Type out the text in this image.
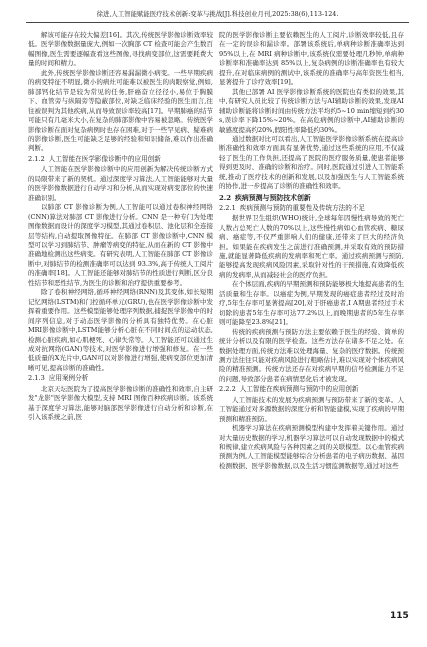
徐进,人工智能赋能医疗技术创新:变革与挑战[J].科技创业月刊,2025:38(6),113-124.

解该可能存在较大偏差[16]。其次,传统医学影像诊断效率较低。医学影像数据量庞大,例如一次胸部 CT 检查可能会产生数百幅图像,医生需要逐幅查看这些图像,寻找病变部位,这需要耗费大量的时间和精力。

此外,传统医学影像诊断还容易漏漏微小病变。一些早期疾病的病变特征不明显,微小的病灶可能难以被医生的肉眼察觉,例如,肺部钙化结节是较为常见的任务,肝癌奋立径径小,易位于胸膜下、血管旁与纵隔旁等隐蔽部位,对缺乏临床经验的医生而言,往往被误判为其他疾病,从而导致误诊率较高[17]。早期肺癌的结节可能只有几毫米大小,在复杂的肺部影像中容易被忽略。传统医学影像诊断在面对复杂病例时也存在困难,对于一些罕见病、疑难病的影像诊断,医生可能缺乏足够的经验和知识储备,难以作出准确判断。

2.1.2 人工智能在医学影像诊断中的应用创新

人工智能在医学影像诊断中的应用创新为解决传统诊断方式的局限带来了新的契机。通过深度学习算法,人工智能能够对大量的医学影像数据进行自动学习和分析,从而实现对病变部位的快速准确识别。

以肺部 CT 影像诊断为例,人工智能可以通过卷积神经网络(CNN)算法对肺部 CT 影像进行分析。CNN 是一种专门为处理图像数据而设计的深度学习模型,其通过卷积层、池化层和全连接层等结构,自动提取图像特征。在肺部 CT 影像诊断中,CNN 模型可以学习到肺结节、肿瘤等病变的特征,从而在新的 CT 影像中准确地检测出这些病变。有研究表明,人工智能在肺部 CT 影像诊断中,对肺结节的检测准确率可以达到 93.3%,高于传统人工阅片的准确率[18]。人工智能还能够对肺结节的性质进行判断,区分良性结节和恶性结节,为医生的诊断和治疗提供重要参考。

除了卷积神经网络,循环神经网络(RNN)及其变体,如长短期记忆网络(LSTM)和门控循环单元(GRU),也在医学影像诊断中发挥着重要作用。这些模型能够处理序列数据,捕捉医学影像中的时间序列信息,对于动态医学影像的分析具有独特优势。在心脏MRI影像诊断中,LSTM能够分析心脏在不同时间点的运动状态,检测心脏疾病,如心肌梗死、心律失常等。人工智能还可以通过生成对抗网络(GAN)等技术,对医学影像进行增强和修复。在一些低质量的X光片中,GAN可以对影像进行增强,使病变部位更加清晰可见,提高诊断的准确性。

2.1.3 应用案例分析

北京天坛医院为了提高医学影像诊断的准确性和效率,自主研发"龙影"医学影像大模型,支持 MRI 图像百种疾病诊断。该系统基于深度学习算法,能够对脑部医学影像进行自动分析和诊断,在引入该系统之前,医

院的医学影像诊断主要依赖医生的人工阅片,诊断效率较低,且存在一定的误诊和漏诊率。部署该系统后,单病种诊断准确率达到95%以上,在 MRI 病种诊断中,该系统仅需要处理几秒钟,单病种诊断率和准确率达到 85%以上,复杂病例的诊断准确率也有较大提升,在对临床病例的测试中,该系统的准确率与高年资医生相当,显著提升了诊疗效率[19]。

其他已部署 AI 医学影像诊断系统的医院也有类似的效果,其中,有研究人员比较了传统诊断方法与AI辅助诊断的效果,发现AI辅助诊断能将诊断时间由传统方法平均约5~10 min缩短到约30 s,误诊率下降15%~20%。在高危病例的诊断中,AI辅助诊断的敏感度提高约20%,假阳性率降低约30%。

通过数据对比可以看出,人工智能医学影像诊断系统在提高诊断准确性和效率方面具有显著优势,通过这些系统的应用,不仅减轻了医生的工作负担,还提高了医院的医疗服务质量,使患者能够得到更及时、准确的诊断和治疗。同时,医院通过引进人工智能系统,推动了医疗技术的创新和发展,以及加强医生与人工智能系统的协作,进一步提高了诊断的准确性和效率。

2.2 疾病预测与预防技术创新
2.2.1 疾病预测与预防的重要性及传统方法的不足

据世界卫生组织(WHO)统计,全球每年因慢性病导致的死亡人数占总死亡人数的70%以上,这些慢性病如心血管疾病、糖尿病、癌症等,不仅严重影响人们的健康,还带来了巨大的经济负担。如果能在疾病发生之前进行准确预测,并采取有效的预防措施,就能显著降低疾病的发病率和死亡率。通过疾病预测与预防,能够提高发现疾病风险因素,采取针对性的干预措施,有效降低疾病的发病率,从而减轻社会的医疗负担。

在个体层面,疾病的早期预测和预防能够极大地提高患者的生活质量和生存率。以癌症为例,早期发现的癌症患者经过及时治疗,5年生存率可显著提高[20],对于肝癌患者,Ⅰ A期患者经过手术切除的患者5年生存率可达77.2%以上,而晚期患者的5年生存率则可能降至23.8%[21]。

传统的疾病预测与预防方法主要依赖于医生的经验、简单的统计分析以及有限的医学检查。这些方法存在诸多不足之处。在数据处理方面,传统方法难以处理海量、复杂的医疗数据。传统预测方法往往只能对疾病风险进行粗略估计,难以实现对个体疾病风险的精准预测。传统方法还存在对疾病早期的信号检测能力不足的问题,导致部分患者在病情恶化后才被发现。

2.2.2 人工智能在疾病预测与预防中的应用创新

人工智能技术的发展为疾病预测与预防带来了新的变革。人工智能通过对多源数据的深度分析和智能建模,实现了疾病的早期预测和精准预防。

机器学习算法在疾病预测模型构建中发挥着关键作用。通过对大量历史数据的学习,机器学习算法可以自动发现数据中的模式和规律,建立疾病风险与各种因素之间的关联模型。以心血管疾病预测为例,人工智能模型能够综合分析患者的电子病历数据、基因检测数据、医学影像数据,以及生活习惯监测数据等,通过对这些

115
